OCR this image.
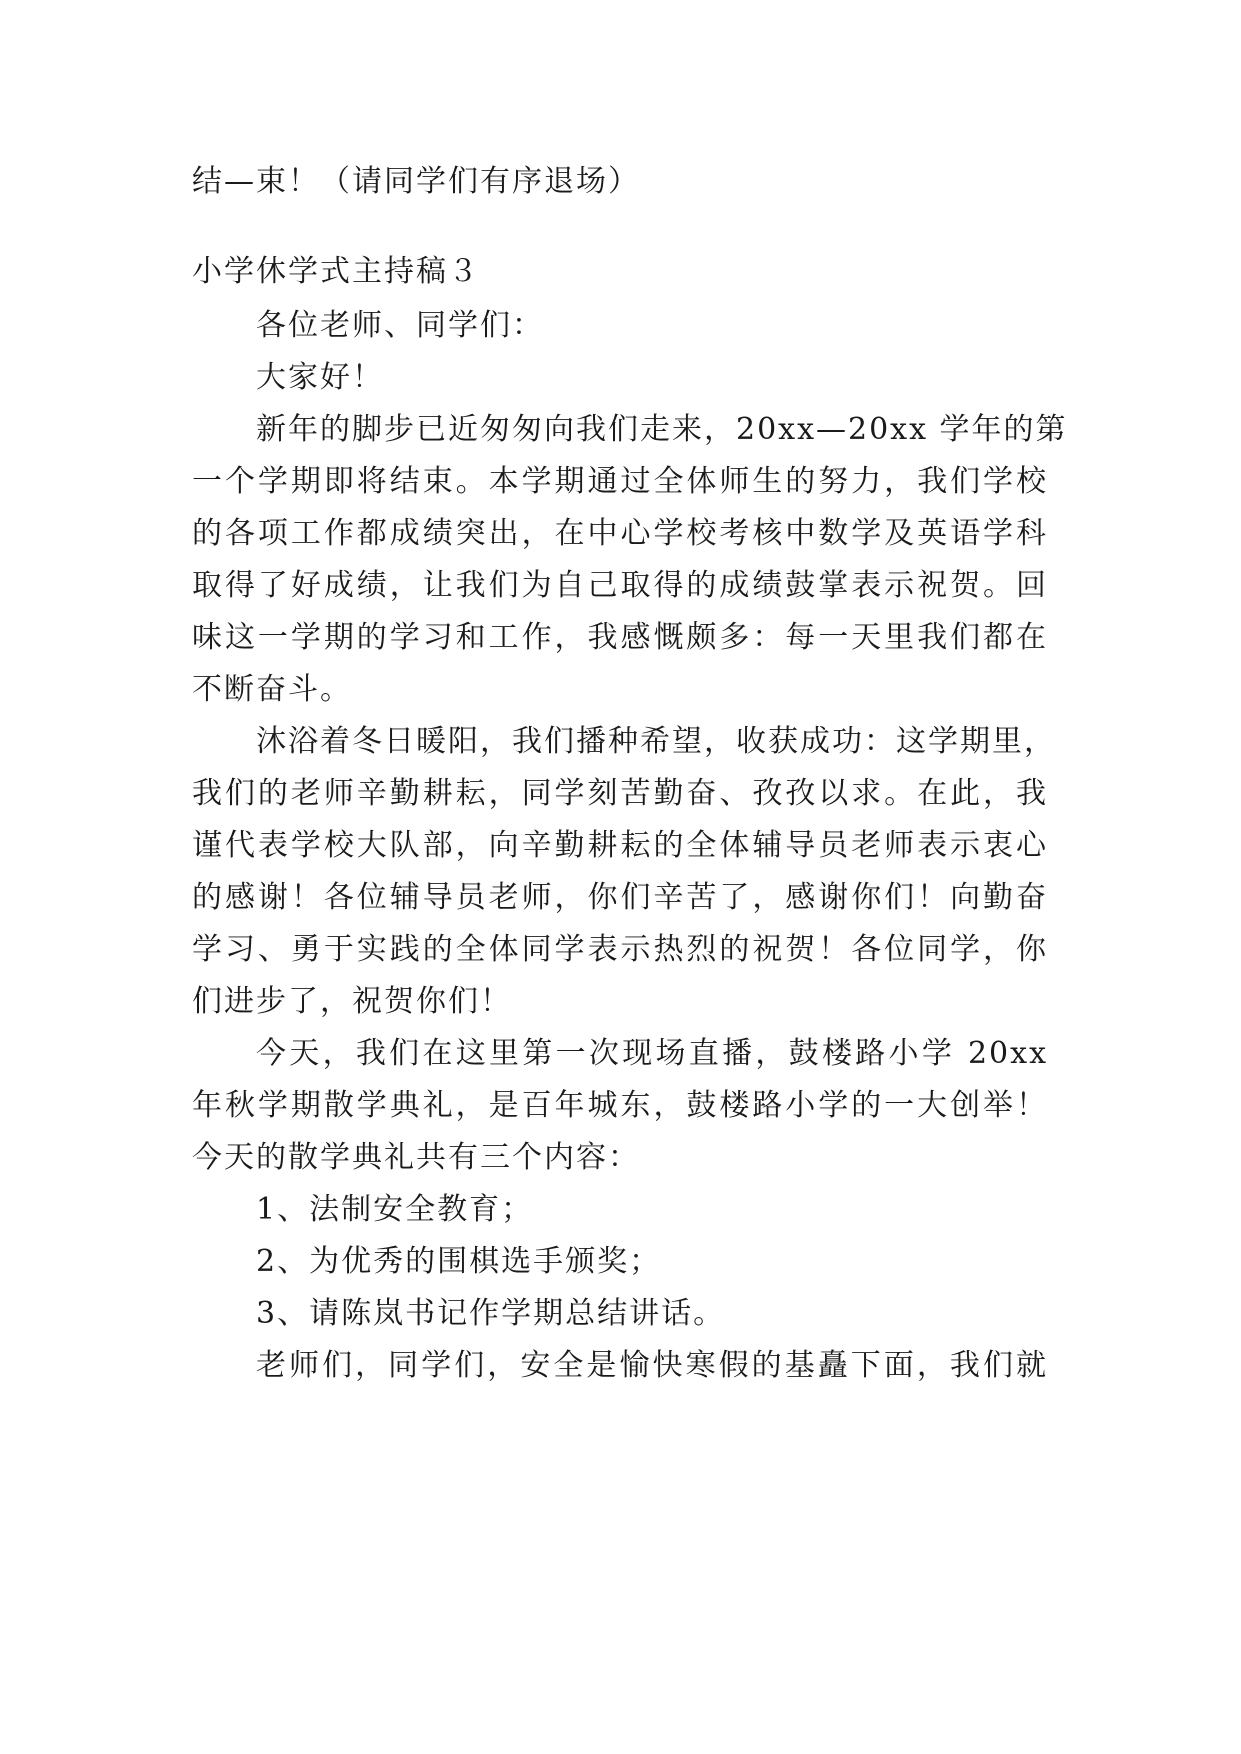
结—束！（请同学们有序退场）

小学休学式主持稿３

各位老师、同学们：

大家好！

新年的脚步已近匆匆向我们走来，20xx—20xx 学年的第

一个学期即将结束。本学期通过全体师生的努力，我们学校

的各项工作都成绩突出，在中心学校考核中数学及英语学科

取得了好成绩，让我们为自己取得的成绩鼓掌表示祝贺。回

味这一学期的学习和工作，我感慨颇多：每一天里我们都在

不断奋斗。

沐浴着冬日暖阳，我们播种希望，收获成功：这学期里，

我们的老师辛勤耕耘，同学刻苦勤奋、孜孜以求。在此，我

谨代表学校大队部，向辛勤耕耘的全体辅导员老师表示衷心

的感谢！各位辅导员老师，你们辛苦了，感谢你们！向勤奋

学习、勇于实践的全体同学表示热烈的祝贺！各位同学，你

们进步了，祝贺你们！

今天，我们在这里第一次现场直播，鼓楼路小学 20xx

年秋学期散学典礼，是百年城东，鼓楼路小学的一大创举！

今天的散学典礼共有三个内容：

1、法制安全教育；

2、为优秀的围棋选手颁奖；

3、请陈岚书记作学期总结讲话。

老师们，同学们，安全是愉快寒假的基矗下面，我们就
